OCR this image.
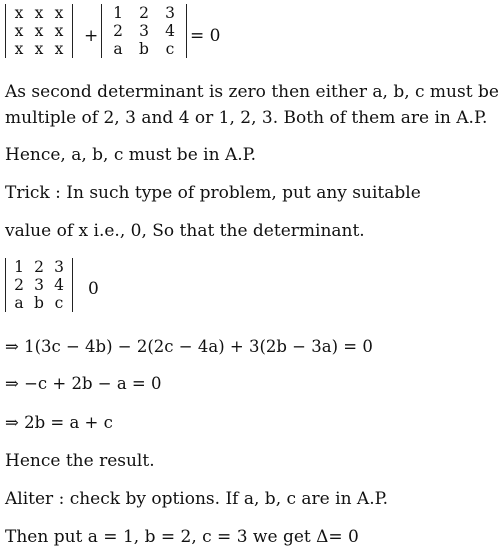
x x x
x x x
x x x
+
1	2	3
2	3	4
a	b	c
= 0
As second determinant is zero then either a, b, c must be
multiple of 2, 3 and 4 or 1, 2, 3. Both of them are in A.P.
Hence, a, b, c must be in A.P.
Trick : In such type of problem, put any suitable
value of x i.e., 0, So that the determinant.
1 2 3
2 3 4
a b c
0
⇒ 1(3c − 4b) − 2(2c − 4a) + 3(2b − 3a) = 0
⇒ −c + 2b − a = 0
⇒ 2b = a + c
Hence the result.
Aliter : check by options. If a, b, c are in A.P.
Then put a = 1, b = 2, c = 3 we get Δ= 0
